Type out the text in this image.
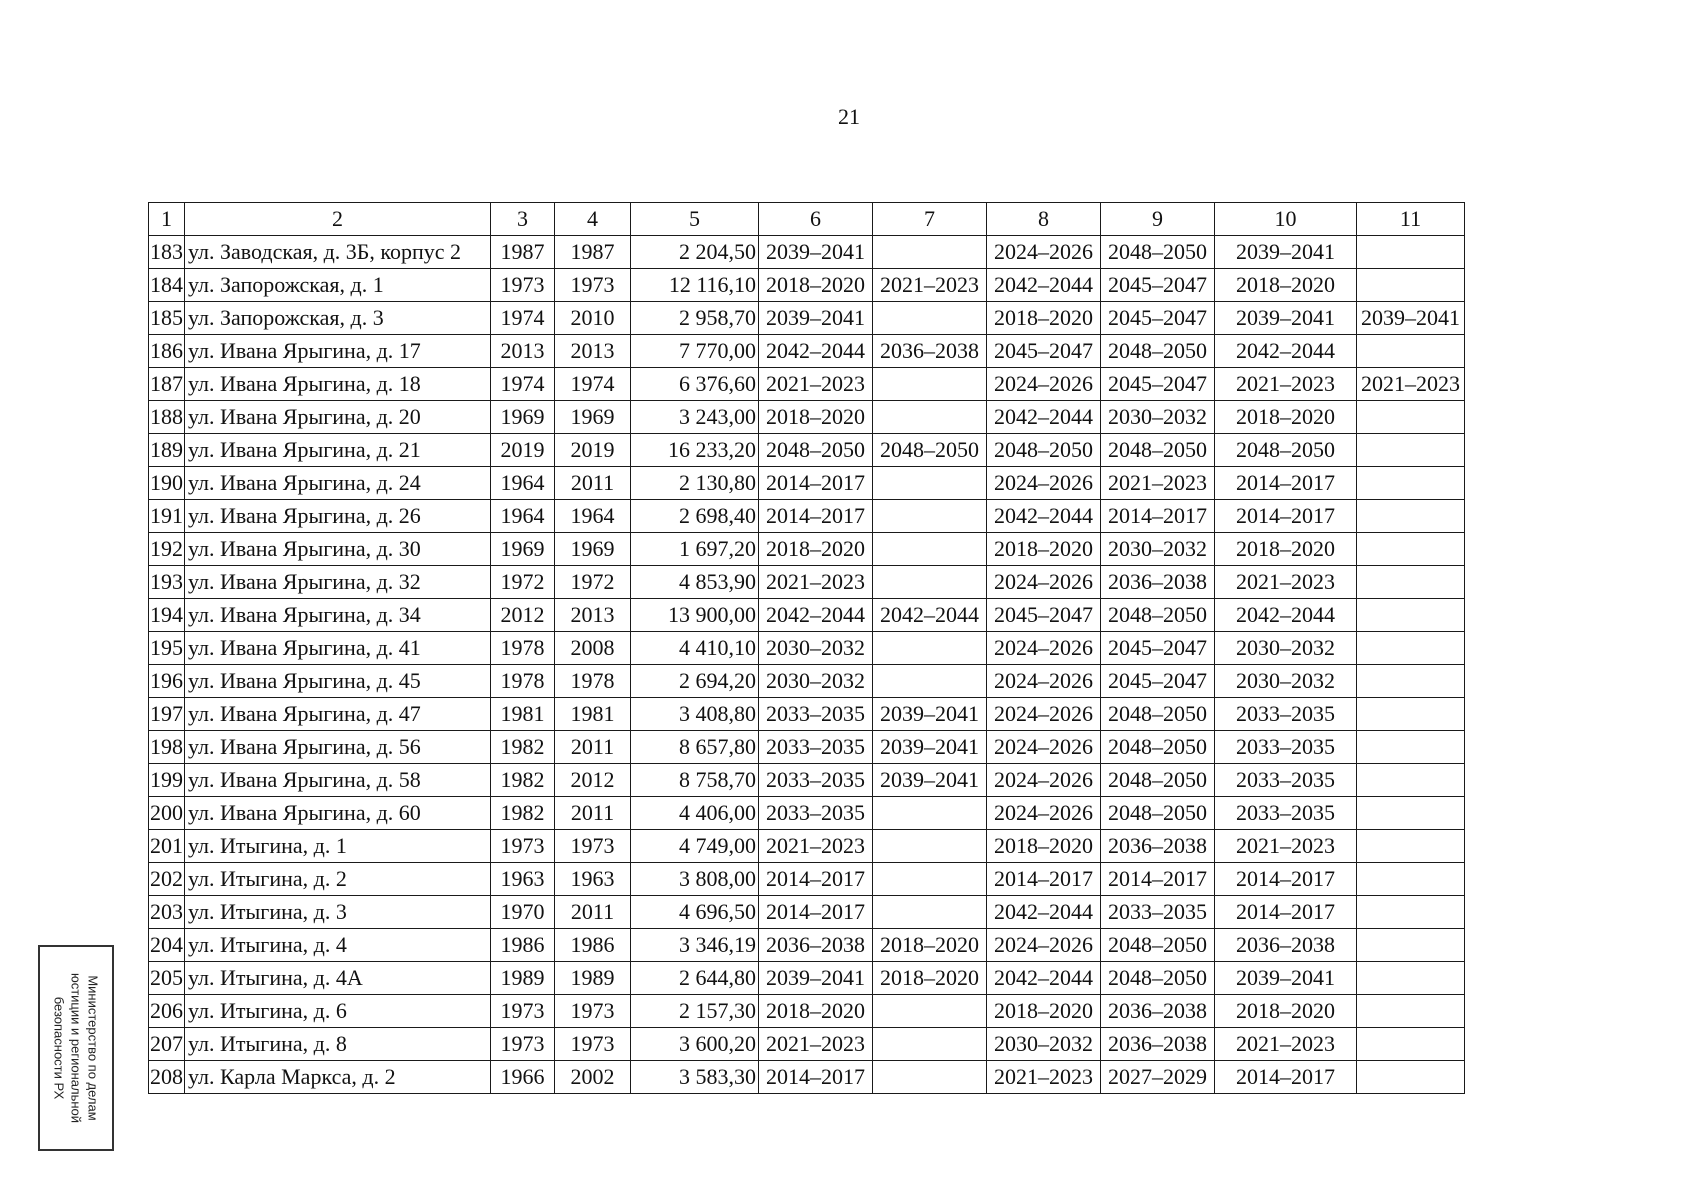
21
1	2	3	4	5	6	7	8	9	10	11
183	ул. Заводская, д. 3Б, корпус 2	1987	1987	2 204,50	2039–2041		2024–2026	2048–2050	2039–2041	
184	ул. Запорожская, д. 1	1973	1973	12 116,10	2018–2020	2021–2023	2042–2044	2045–2047	2018–2020	
185	ул. Запорожская, д. 3	1974	2010	2 958,70	2039–2041		2018–2020	2045–2047	2039–2041	2039–2041
186	ул. Ивана Ярыгина, д. 17	2013	2013	7 770,00	2042–2044	2036–2038	2045–2047	2048–2050	2042–2044	
187	ул. Ивана Ярыгина, д. 18	1974	1974	6 376,60	2021–2023		2024–2026	2045–2047	2021–2023	2021–2023
188	ул. Ивана Ярыгина, д. 20	1969	1969	3 243,00	2018–2020		2042–2044	2030–2032	2018–2020	
189	ул. Ивана Ярыгина, д. 21	2019	2019	16 233,20	2048–2050	2048–2050	2048–2050	2048–2050	2048–2050	
190	ул. Ивана Ярыгина, д. 24	1964	2011	2 130,80	2014–2017		2024–2026	2021–2023	2014–2017	
191	ул. Ивана Ярыгина, д. 26	1964	1964	2 698,40	2014–2017		2042–2044	2014–2017	2014–2017	
192	ул. Ивана Ярыгина, д. 30	1969	1969	1 697,20	2018–2020		2018–2020	2030–2032	2018–2020	
193	ул. Ивана Ярыгина, д. 32	1972	1972	4 853,90	2021–2023		2024–2026	2036–2038	2021–2023	
194	ул. Ивана Ярыгина, д. 34	2012	2013	13 900,00	2042–2044	2042–2044	2045–2047	2048–2050	2042–2044	
195	ул. Ивана Ярыгина, д. 41	1978	2008	4 410,10	2030–2032		2024–2026	2045–2047	2030–2032	
196	ул. Ивана Ярыгина, д. 45	1978	1978	2 694,20	2030–2032		2024–2026	2045–2047	2030–2032	
197	ул. Ивана Ярыгина, д. 47	1981	1981	3 408,80	2033–2035	2039–2041	2024–2026	2048–2050	2033–2035	
198	ул. Ивана Ярыгина, д. 56	1982	2011	8 657,80	2033–2035	2039–2041	2024–2026	2048–2050	2033–2035	
199	ул. Ивана Ярыгина, д. 58	1982	2012	8 758,70	2033–2035	2039–2041	2024–2026	2048–2050	2033–2035	
200	ул. Ивана Ярыгина, д. 60	1982	2011	4 406,00	2033–2035		2024–2026	2048–2050	2033–2035	
201	ул. Итыгина, д. 1	1973	1973	4 749,00	2021–2023		2018–2020	2036–2038	2021–2023	
202	ул. Итыгина, д. 2	1963	1963	3 808,00	2014–2017		2014–2017	2014–2017	2014–2017	
203	ул. Итыгина, д. 3	1970	2011	4 696,50	2014–2017		2042–2044	2033–2035	2014–2017	
204	ул. Итыгина, д. 4	1986	1986	3 346,19	2036–2038	2018–2020	2024–2026	2048–2050	2036–2038	
205	ул. Итыгина, д. 4А	1989	1989	2 644,80	2039–2041	2018–2020	2042–2044	2048–2050	2039–2041	
206	ул. Итыгина, д. 6	1973	1973	2 157,30	2018–2020		2018–2020	2036–2038	2018–2020	
207	ул. Итыгина, д. 8	1973	1973	3 600,20	2021–2023		2030–2032	2036–2038	2021–2023	
208	ул. Карла Маркса, д. 2	1966	2002	3 583,30	2014–2017		2021–2023	2027–2029	2014–2017	
Министерство по делам
юстиции и региональной
безопасности РХ
